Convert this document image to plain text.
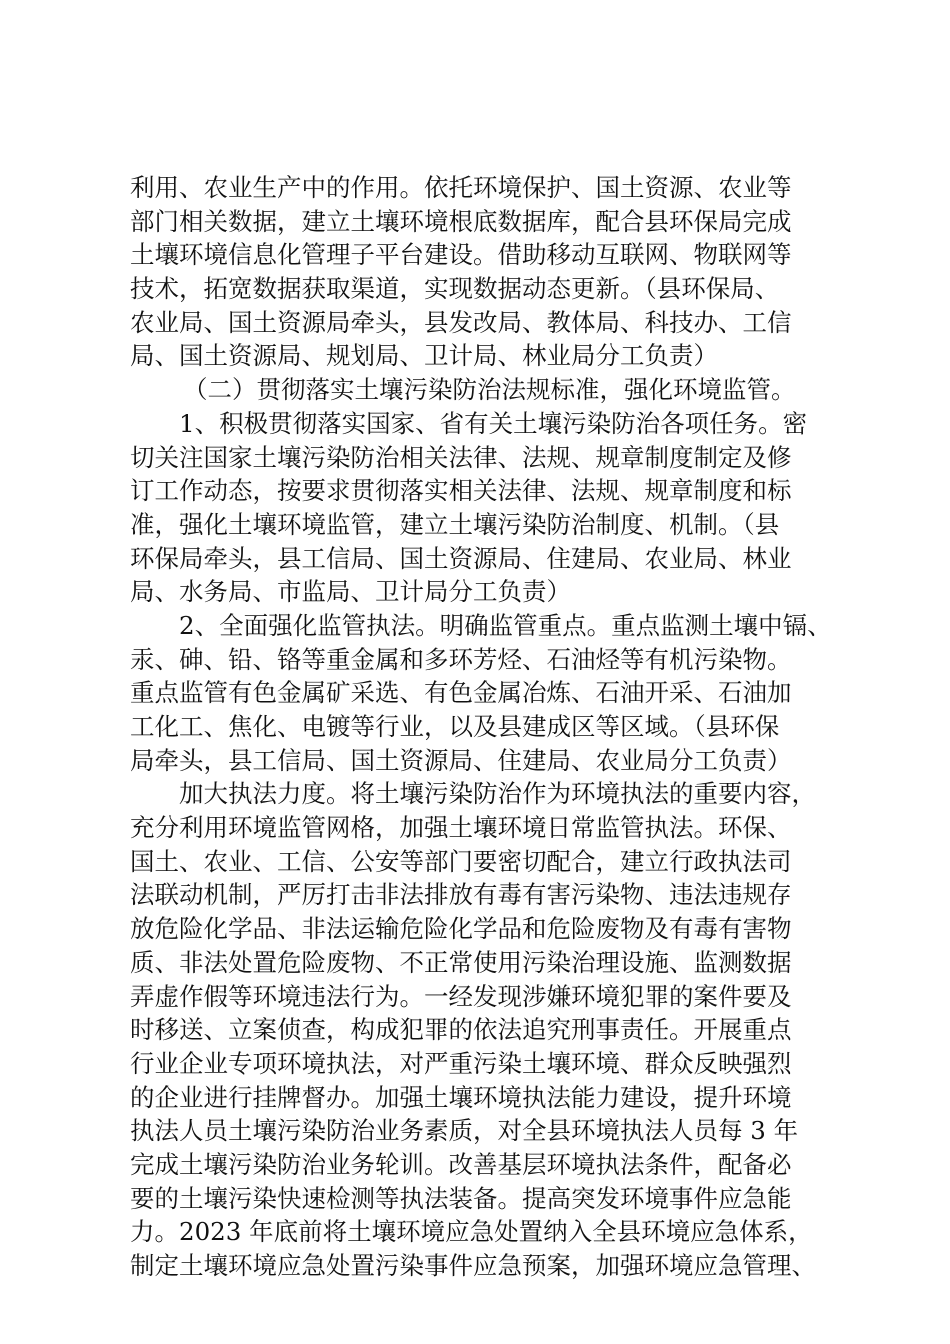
利用、农业生产中的作用。依托环境保护、国土资源、农业等
部门相关数据，建立土壤环境根底数据库，配合县环保局完成
土壤环境信息化管理子平台建设。借助移动互联网、物联网等
技术，拓宽数据获取渠道，实现数据动态更新。（县环保局、
农业局、国土资源局牵头，县发改局、教体局、科技办、工信
局、国土资源局、规划局、卫计局、林业局分工负责）
（二）贯彻落实土壤污染防治法规标准，强化环境监管。
1、积极贯彻落实国家、省有关土壤污染防治各项任务。密
切关注国家土壤污染防治相关法律、法规、规章制度制定及修
订工作动态，按要求贯彻落实相关法律、法规、规章制度和标
准，强化土壤环境监管，建立土壤污染防治制度、机制。（县
环保局牵头，县工信局、国土资源局、住建局、农业局、林业
局、水务局、市监局、卫计局分工负责）
2、全面强化监管执法。明确监管重点。重点监测土壤中镉、
汞、砷、铅、铬等重金属和多环芳烃、石油烃等有机污染物。
重点监管有色金属矿采选、有色金属冶炼、石油开采、石油加
工化工、焦化、电镀等行业，以及县建成区等区域。（县环保
局牵头，县工信局、国土资源局、住建局、农业局分工负责）
加大执法力度。将土壤污染防治作为环境执法的重要内容，
充分利用环境监管网格，加强土壤环境日常监管执法。环保、
国土、农业、工信、公安等部门要密切配合，建立行政执法司
法联动机制，严厉打击非法排放有毒有害污染物、违法违规存
放危险化学品、非法运输危险化学品和危险废物及有毒有害物
质、非法处置危险废物、不正常使用污染治理设施、监测数据
弄虚作假等环境违法行为。一经发现涉嫌环境犯罪的案件要及
时移送、立案侦查，构成犯罪的依法追究刑事责任。开展重点
行业企业专项环境执法，对严重污染土壤环境、群众反映强烈
的企业进行挂牌督办。加强土壤环境执法能力建设，提升环境
执法人员土壤污染防治业务素质，对全县环境执法人员每 3 年
完成土壤污染防治业务轮训。改善基层环境执法条件，配备必
要的土壤污染快速检测等执法装备。提高突发环境事件应急能
力。2023 年底前将土壤环境应急处置纳入全县环境应急体系，
制定土壤环境应急处置污染事件应急预案，加强环境应急管理、
